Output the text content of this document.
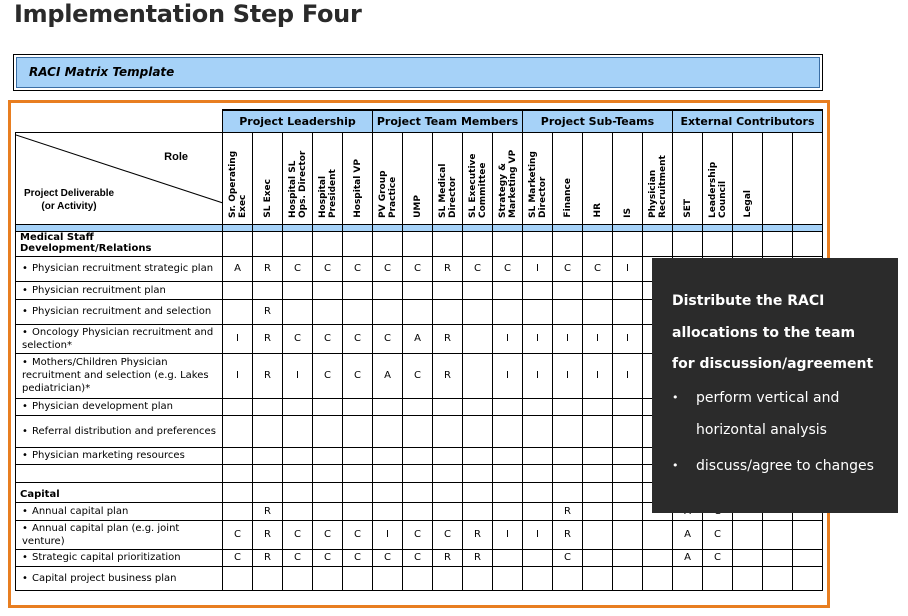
Implementation Step Four
RACI Matrix Template
	Project Leadership					Project Team Members					Project Sub-Teams					External Contributors				

Role
Project Deliverable
(or Activity)	Sr. Operating Exec	SL Exec	Hospital SL Ops. Director	Hospital President	Hospital VP	PV Group Practice	UMP	SL Medical Director	SL Executive Committee	Strategy & Marketing VP	SL Marketing Director	Finance	HR	IS	Physician Recruitment	SET	Leadership Council	Legal		

Medical Staff Development/Relations																				
• Physician recruitment strategic plan	A	R	C	C	C	C	C	R	C	C	I	C	C	I						
• Physician recruitment plan																				
• Physician recruitment and selection		R																		
• Oncology Physician recruitment and selection*	I	R	C	C	C	C	A	R		I	I	I	I	I						
• Mothers/Children Physician recruitment and selection (e.g. Lakes pediatrician)*	I	R	I	C	C	A	C	R		I	I	I	I	I						
• Physician development plan																				
• Referral distribution and preferences																				
• Physician marketing resources																				

Capital																				
• Annual capital plan		R										R								
• Annual capital plan (e.g. joint venture)	C	R	C	C	C	I	C	C	R	I	I	R				A	C			
• Strategic capital prioritization	C	R	C	C	C	C	C	R	R			C				A	C			
• Capital project business plan																				
Distribute the RACI allocations to the team for discussion/agreement
•	perform vertical and horizontal analysis
•	discuss/agree to changes
